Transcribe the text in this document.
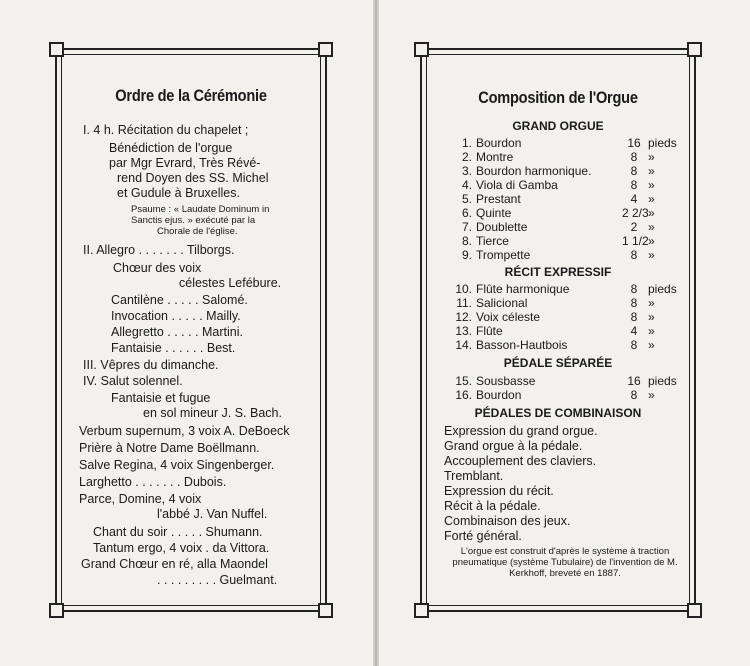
Ordre de la Cérémonie
I. 4 h. Récitation du chapelet ;
Bénédiction de l'orgue
par Mgr Evrard, Très Révé-
rend Doyen des SS. Michel
et Gudule à Bruxelles.
Psaume : « Laudate Dominum in
Sanctis ejus. » exécuté par la
Chorale de l'église.
II. Allegro . . . . . . . Tilborgs.
Chœur des voix
célestes Lefébure.
Cantilène . . . . . Salomé.
Invocation . . . . . Mailly.
Allegretto . . . . . Martini.
Fantaisie . . . . . . Best.
III. Vêpres du dimanche.
IV. Salut solennel.
Fantaisie et fugue
en sol mineur J. S. Bach.
Verbum supernum, 3 voix A. DeBoeck
Prière à Notre Dame Boëllmann.
Salve Regina, 4 voix Singenberger.
Larghetto . . . . . . . Dubois.
Parce, Domine, 4 voix
l'abbé J. Van Nuffel.
Chant du soir . . . . . Shumann.
Tantum ergo, 4 voix . da Vittora.
Grand Chœur en ré, alla Maondel
. . . . . . . . . Guelmant.
Composition de l'Orgue
GRAND ORGUE
1. Bourdon	16 pieds
2. Montre	8 »
3. Bourdon harmonique.	8 »
4. Viola di Gamba	8 »
5. Prestant	4 »
6. Quinte	2 2/3 »
7. Doublette	2 »
8. Tierce	1 1/2 »
9. Trompette	8 »
RÉCIT EXPRESSIF
10. Flûte harmonique	8 pieds
11. Salicional	8 »
12. Voix céleste	8 »
13. Flûte	4 »
14. Basson-Hautbois	8 »
PÉDALE SÉPARÉE
15. Sousbasse	16 pieds
16. Bourdon	8 »
PÉDALES DE COMBINAISON
Expression du grand orgue.
Grand orgue à la pédale.
Accouplement des claviers.
Tremblant.
Expression du récit.
Récit à la pédale.
Combinaison des jeux.
Forté général.
L'orgue est construit d'après le système à traction pneumatique (système Tubulaire) de l'invention de M. Kerkhoff, breveté en 1887.
